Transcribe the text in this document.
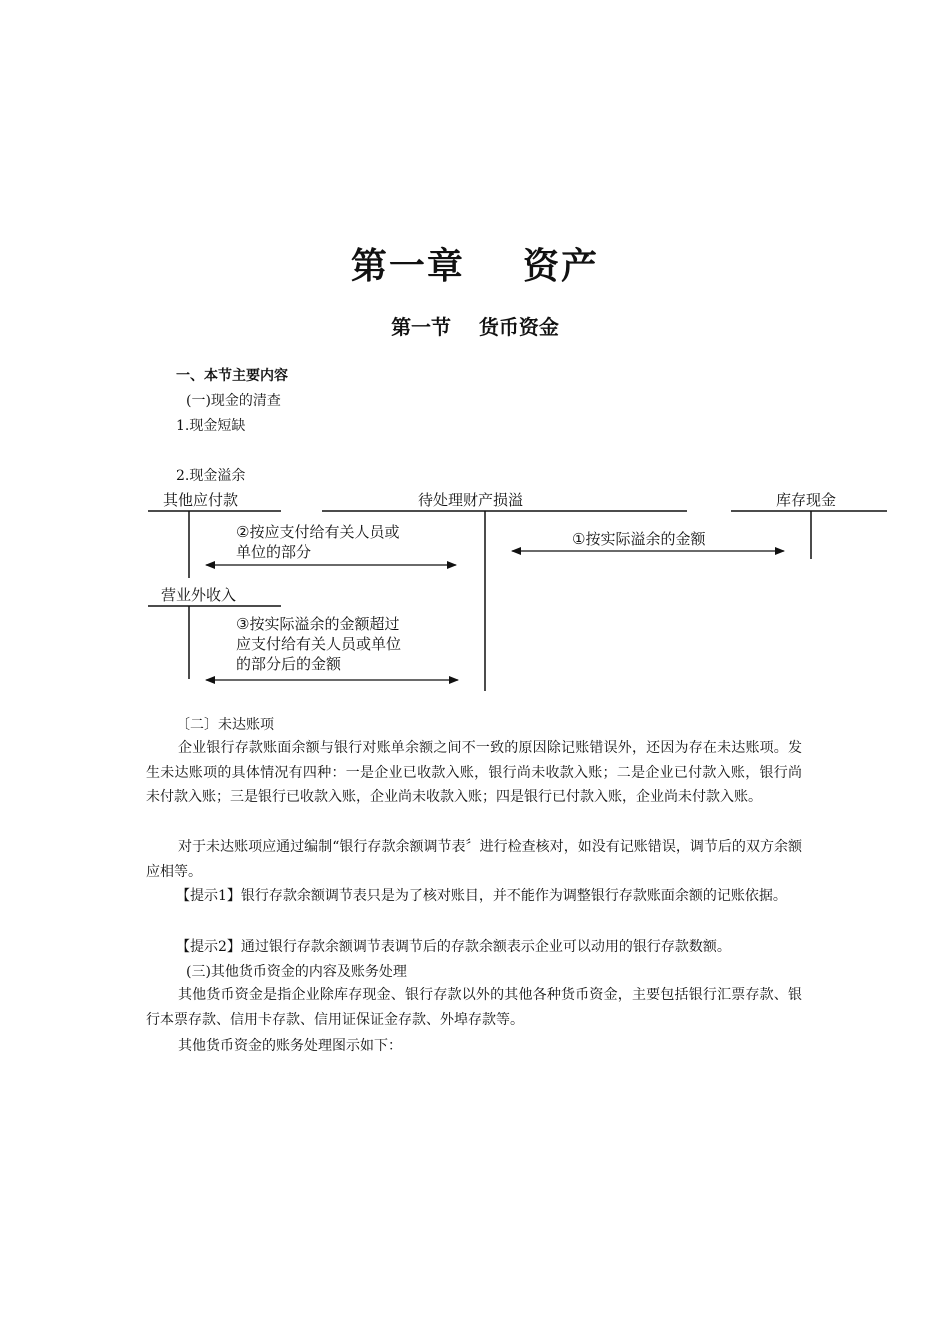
第一章    资产
第一节    货币资金
一、本节主要内容
(一)现金的清查
1.现金短缺
2.现金溢余
其他应付款	待处理财产损溢	库存现金
营业外收入
①按实际溢余的金额
②按应支付给有关人员或
单位的部分
③按实际溢余的金额超过
应支付给有关人员或单位
的部分后的金额
〔二〕未达账项
企业银行存款账面余额与银行对账单余额之间不一致的原因除记账错误外，还因为存在未达账项。发生未达账项的具体情况有四种：一是企业已收款入账，银行尚未收款入账；二是企业已付款入账，银行尚未付款入账；三是银行已收款入账，企业尚未收款入账；四是银行已付款入账，企业尚未付款入账。
对于未达账项应通过编制“银行存款余额调节表〞进行检查核对，如没有记账错误，调节后的双方余额应相等。
【提示1】银行存款余额调节表只是为了核对账目，并不能作为调整银行存款账面余额的记账依据。
【提示2】通过银行存款余额调节表调节后的存款余额表示企业可以动用的银行存款数额。
(三)其他货币资金的内容及账务处理
其他货币资金是指企业除库存现金、银行存款以外的其他各种货币资金，主要包括银行汇票存款、银行本票存款、信用卡存款、信用证保证金存款、外埠存款等。
其他货币资金的账务处理图示如下：
